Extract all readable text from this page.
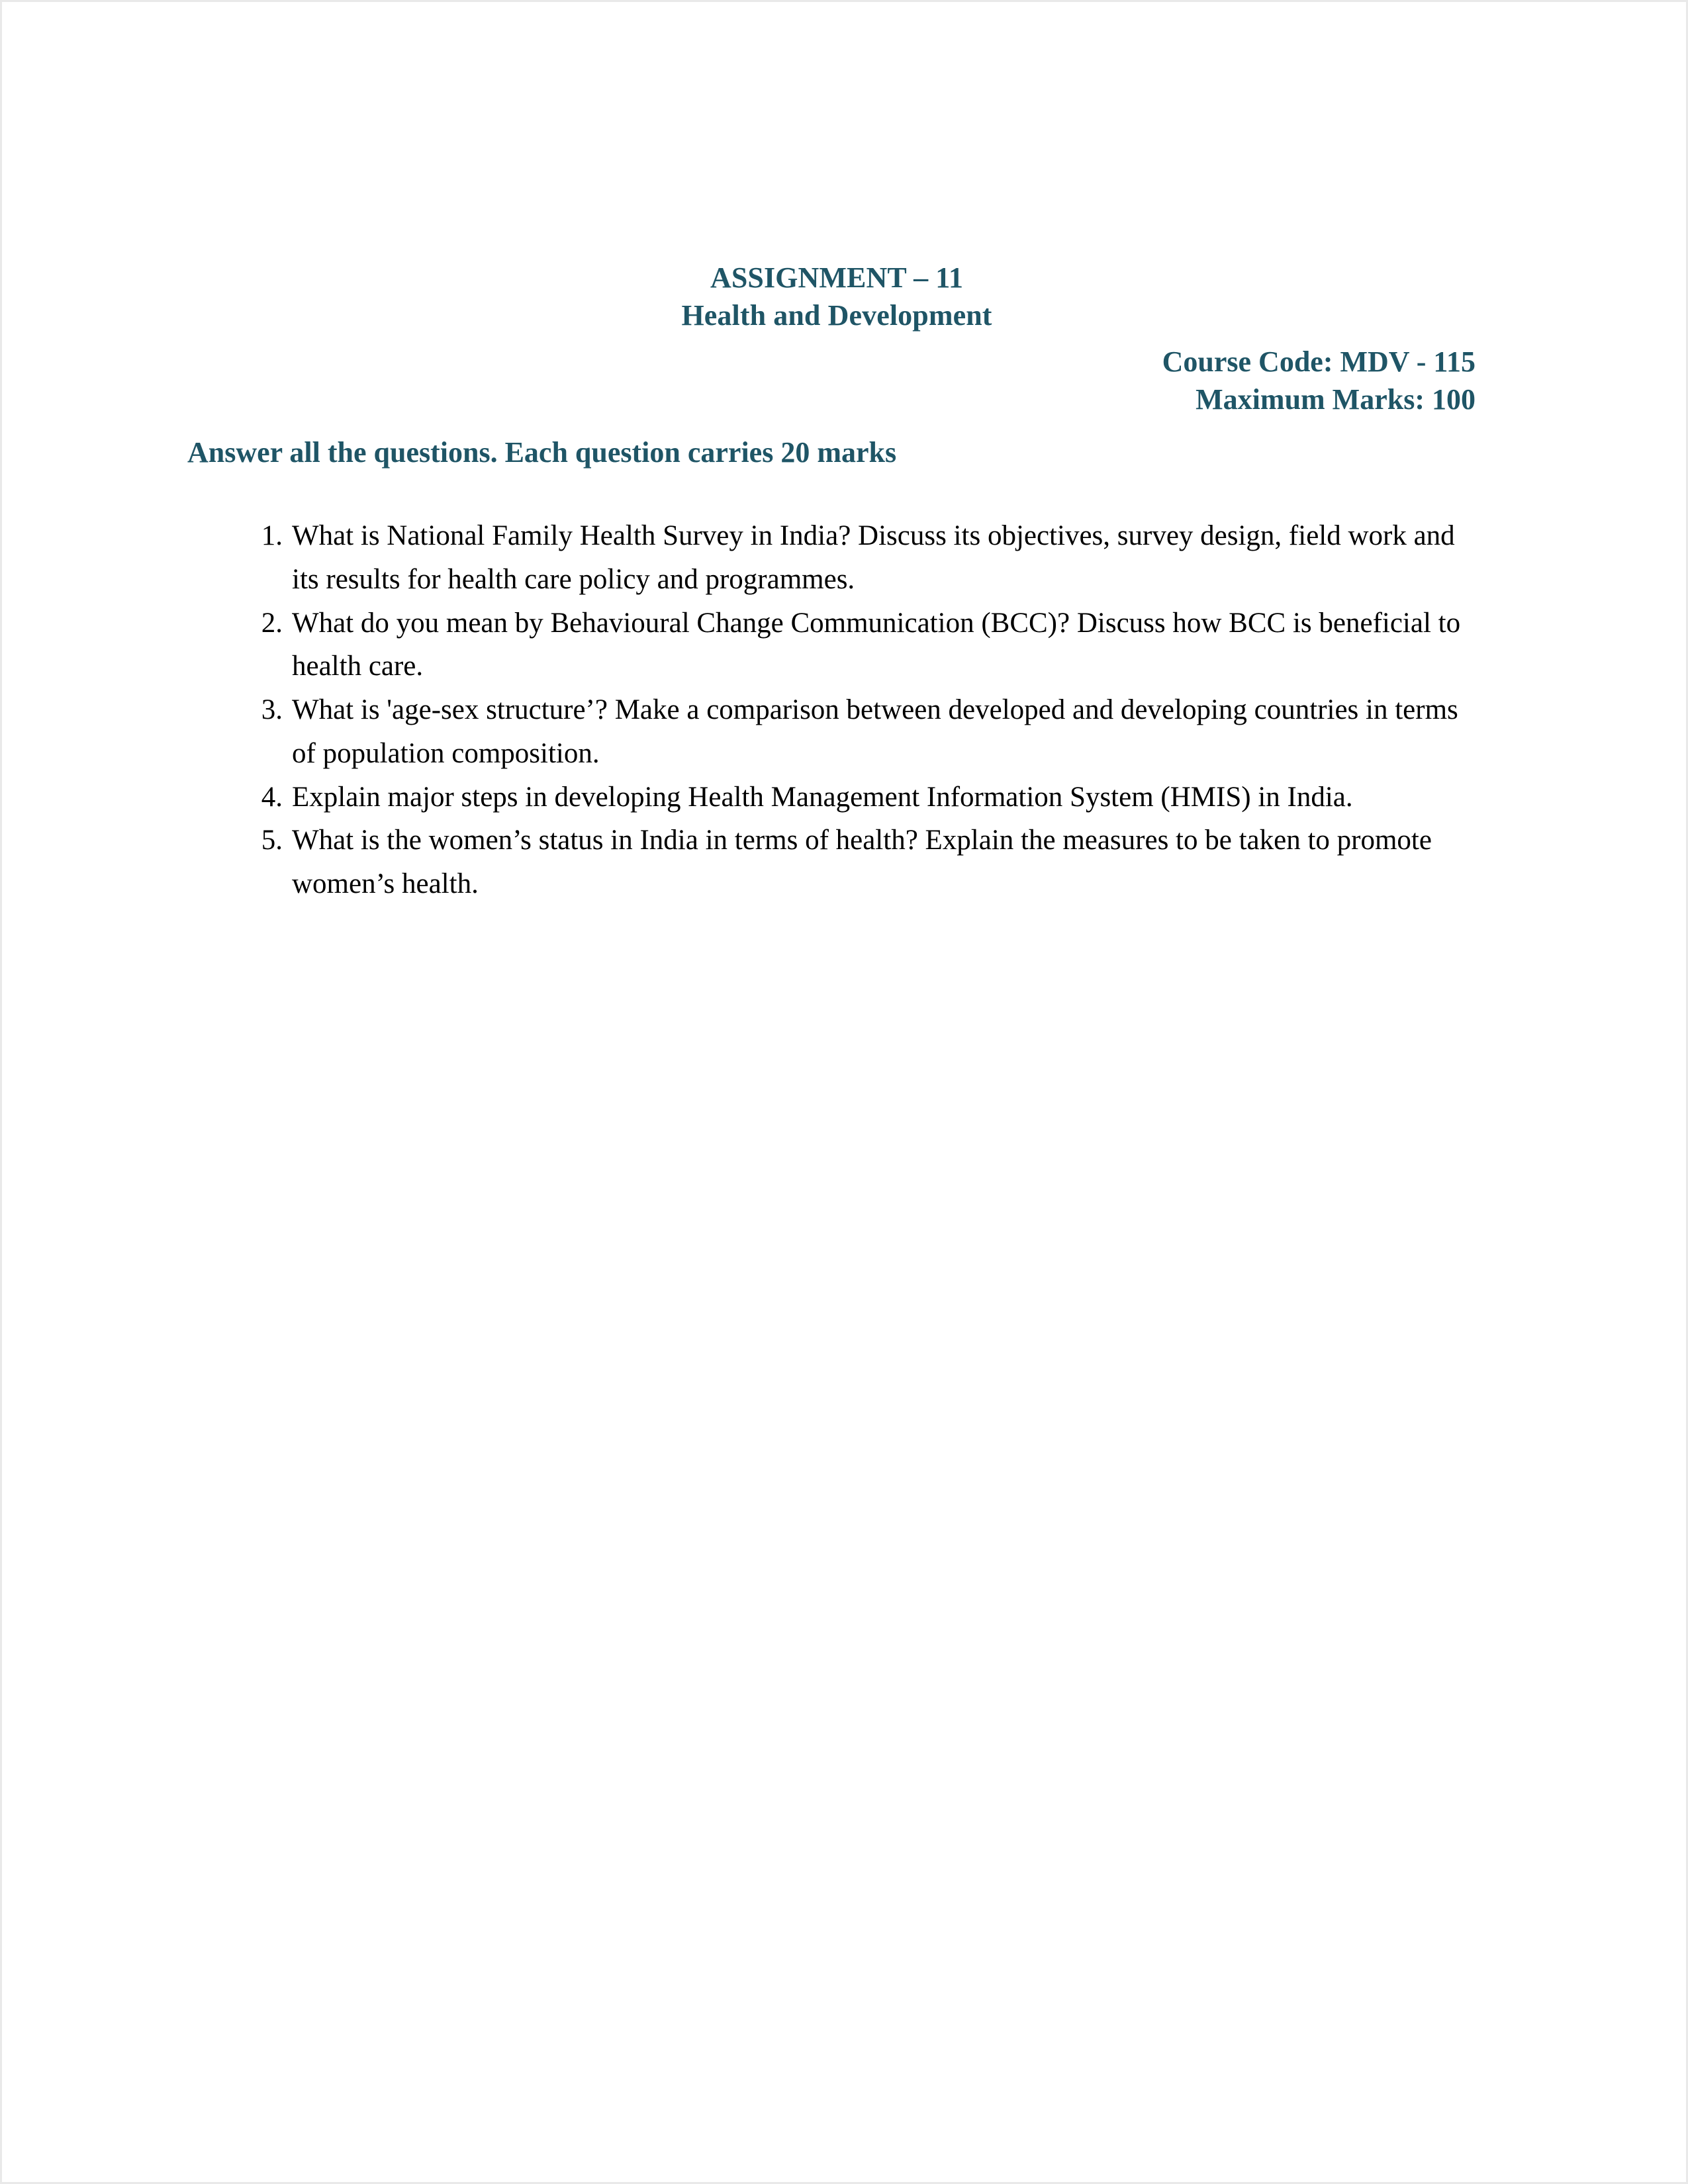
ASSIGNMENT – 11
Health and Development
Course Code: MDV - 115
Maximum Marks: 100
Answer all the questions. Each question carries 20 marks
1. What is National Family Health Survey in India? Discuss its objectives, survey design, field work and its results for health care policy and programmes.
2. What do you mean by Behavioural Change Communication (BCC)? Discuss how BCC is beneficial to health care.
3. What is 'age-sex structure’? Make a comparison between developed and developing countries in terms of population composition.
4. Explain major steps in developing Health Management Information System (HMIS) in India.
5. What is the women’s status in India in terms of health? Explain the measures to be taken to promote women’s health.
